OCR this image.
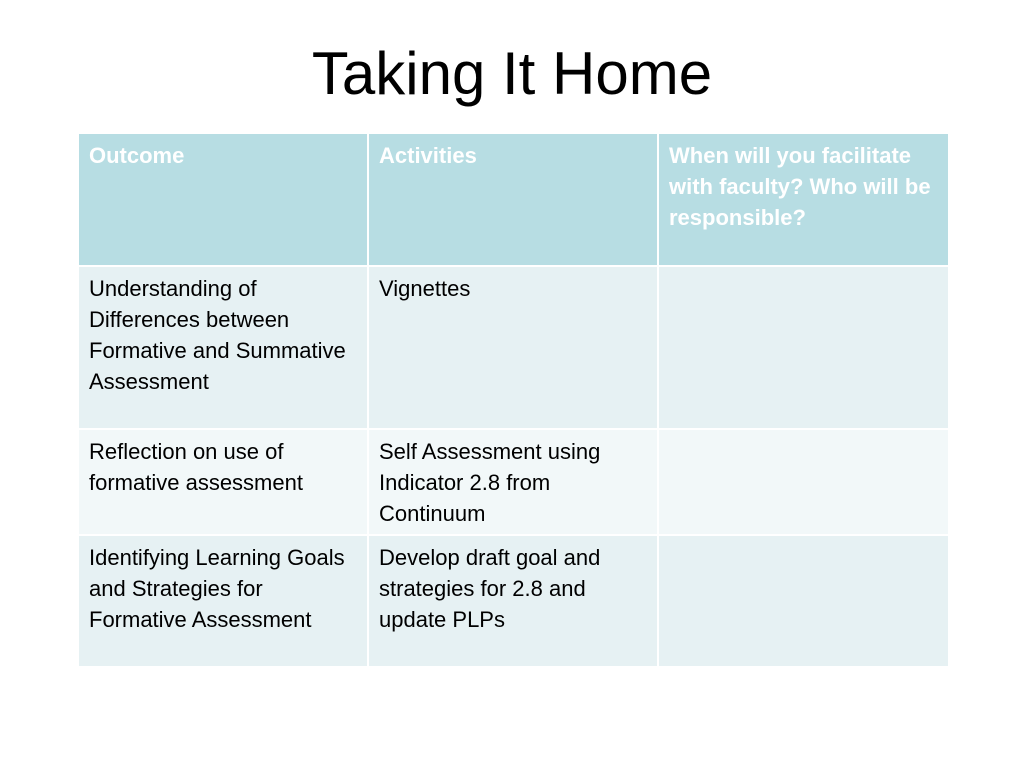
Taking It Home
Outcome	Activities	When will you facilitate with faculty? Who will be responsible?
Understanding of Differences between Formative and Summative Assessment	Vignettes	
Reflection on use of formative assessment	Self Assessment using Indicator 2.8 from Continuum	
Identifying Learning Goals and Strategies for Formative Assessment	Develop draft goal and strategies for 2.8 and update PLPs	
